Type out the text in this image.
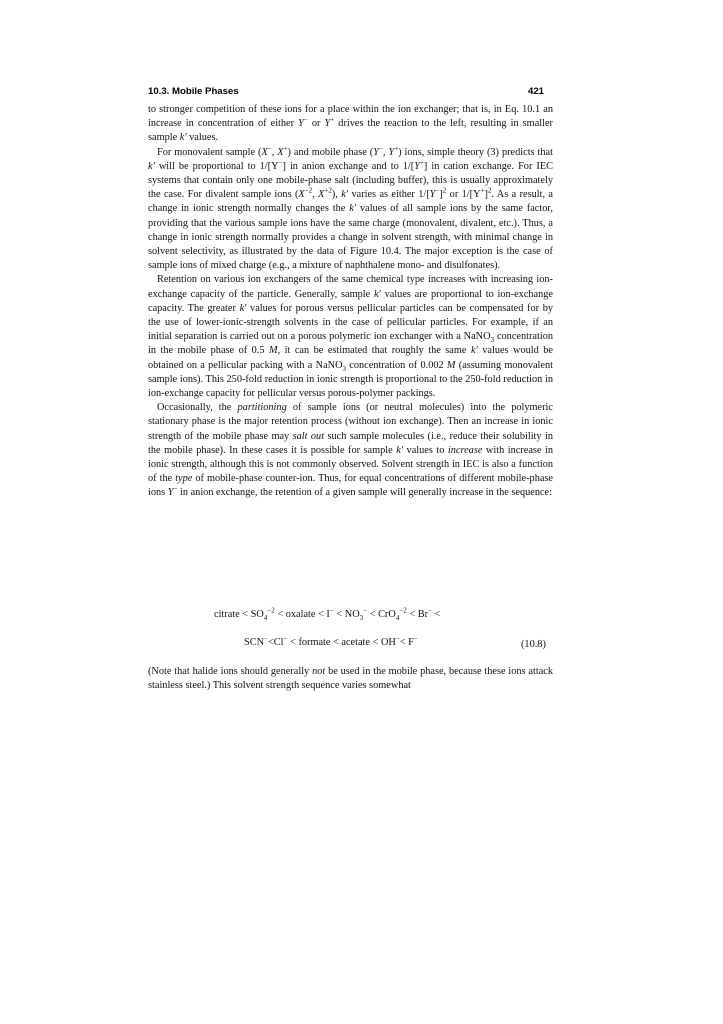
10.3. Mobile Phases	421

to stronger competition of these ions for a place within the ion exchanger; that is, in Eq. 10.1 an increase in concentration of either Y− or Y+ drives the reaction to the left, resulting in smaller sample k′ values.

For monovalent sample (X−, X+) and mobile phase (Y−, Y+) ions, simple theory (3) predicts that k′ will be proportional to 1/[Y−] in anion exchange and to 1/[Y+] in cation exchange. For IEC systems that contain only one mobile-phase salt (including buffer), this is usually approximately the case. For divalent sample ions ($X^{-2}$, $X^{+2}$), k′ varies as either $1/[Y^-]^2$ or $1/[Y^+]^2$. As a result, a change in ionic strength normally changes the k′ values of all sample ions by the same factor, providing that the various sample ions have the same charge (monovalent, divalent, etc.). Thus, a change in ionic strength normally provides a change in solvent strength, with minimal change in solvent selectivity, as illustrated by the data of Figure 10.4. The major exception is the case of sample ions of mixed charge (e.g., a mixture of naphthalene mono- and disulfonates).

Retention on various ion exchangers of the same chemical type increases with increasing ion-exchange capacity of the particle. Generally, sample k′ values are proportional to ion-exchange capacity. The greater k′ values for porous versus pellicular particles can be compensated for by the use of lower-ionic-strength solvents in the case of pellicular particles. For example, if an initial separation is carried out on a porous polymeric ion exchanger with a NaNO$_3$ concentration in the mobile phase of 0.5 M, it can be estimated that roughly the same k′ values would be obtained on a pellicular packing with a NaNO$_3$ concentration of 0.002 M (assuming monovalent sample ions). This 250-fold reduction in ionic strength is proportional to the 250-fold reduction in ion-exchange capacity for pellicular versus porous-polymer packings.

Occasionally, the partitioning of sample ions (or neutral molecules) into the polymeric stationary phase is the major retention process (without ion exchange). Then an increase in ionic strength of the mobile phase may salt out such sample molecules (i.e., reduce their solubility in the mobile phase). In these cases it is possible for sample k′ values to increase with increase in ionic strength, although this is not commonly observed. Solvent strength in IEC is also a function of the type of mobile-phase counter-ion. Thus, for equal concentrations of different mobile-phase ions Y− in anion exchange, the retention of a given sample will generally increase in the sequence:

citrate < $SO_4^{-2}$ < oxalate < $I^- < NO_3^- < CrO_4^{-2} < Br^-$ <
SCN−<Cl− < formate < acetate < OH−< F−
(10.8)

(Note that halide ions should generally not be used in the mobile phase, because these ions attack stainless steel.) This solvent strength sequence varies somewhat
